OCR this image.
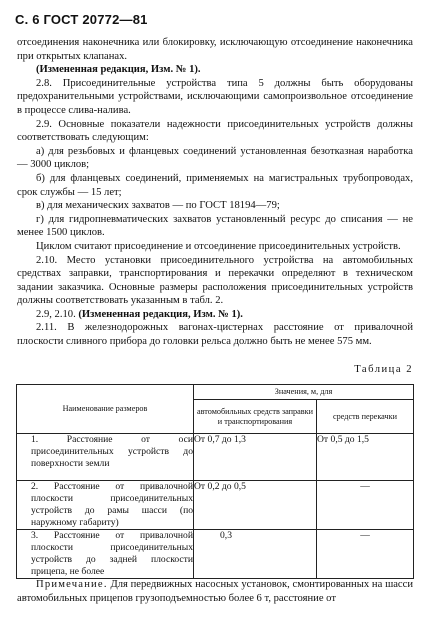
С. 6 ГОСТ 20772—81

отсоединения наконечника или блокировку, исключающую отсоединение наконечника при открытых клапанах.

(Измененная редакция, Изм. № 1).

2.8. Присоединительные устройства типа 5 должны быть оборудованы предохранительными устройствами, исключающими самопроизвольное отсоединение в процессе слива-налива.

2.9. Основные показатели надежности присоединительных устройств должны соответствовать следующим:

а) для резьбовых и фланцевых соединений установленная безотказная наработка — 3000 циклов;

б) для фланцевых соединений, применяемых на магистральных трубопроводах, срок службы — 15 лет;

в) для механических захватов — по ГОСТ 18194—79;

г) для гидропневматических захватов установленный ресурс до списания — не менее 1500 циклов.

Циклом считают присоединение и отсоединение присоединительных устройств.

2.10. Место установки присоединительного устройства на автомобильных средствах заправки, транспортирования и перекачки определяют в техническом задании заказчика. Основные размеры расположения присоединительных устройств должны соответствовать указанным в табл. 2.

2.9, 2.10. (Измененная редакция, Изм. № 1).

2.11. В железнодорожных вагонах-цистернах расстояние от привалочной плоскости сливного прибора до головки рельса должно быть не менее 575 мм.

Таблица 2
Наименование размеров	Значения, м, для	
	автомобильных средств заправки и транспортирования	средств перекачки
1. Расстояние от оси присоединительных устройств до поверхности земли	От 0,7 до 1,3	От 0,5 до 1,5
2. Расстояние от привалочной плоскости присоединительных устройств до рамы шасси (по наружному габариту)	От 0,2 до 0,5	—
3. Расстояние от привалочной плоскости присоединительных устройств до задней плоскости прицепа, не более	0,3	—
Примечание. Для передвижных насосных установок, смонтированных на шасси автомобильных прицепов грузоподъемностью более 6 т, расстояние от
